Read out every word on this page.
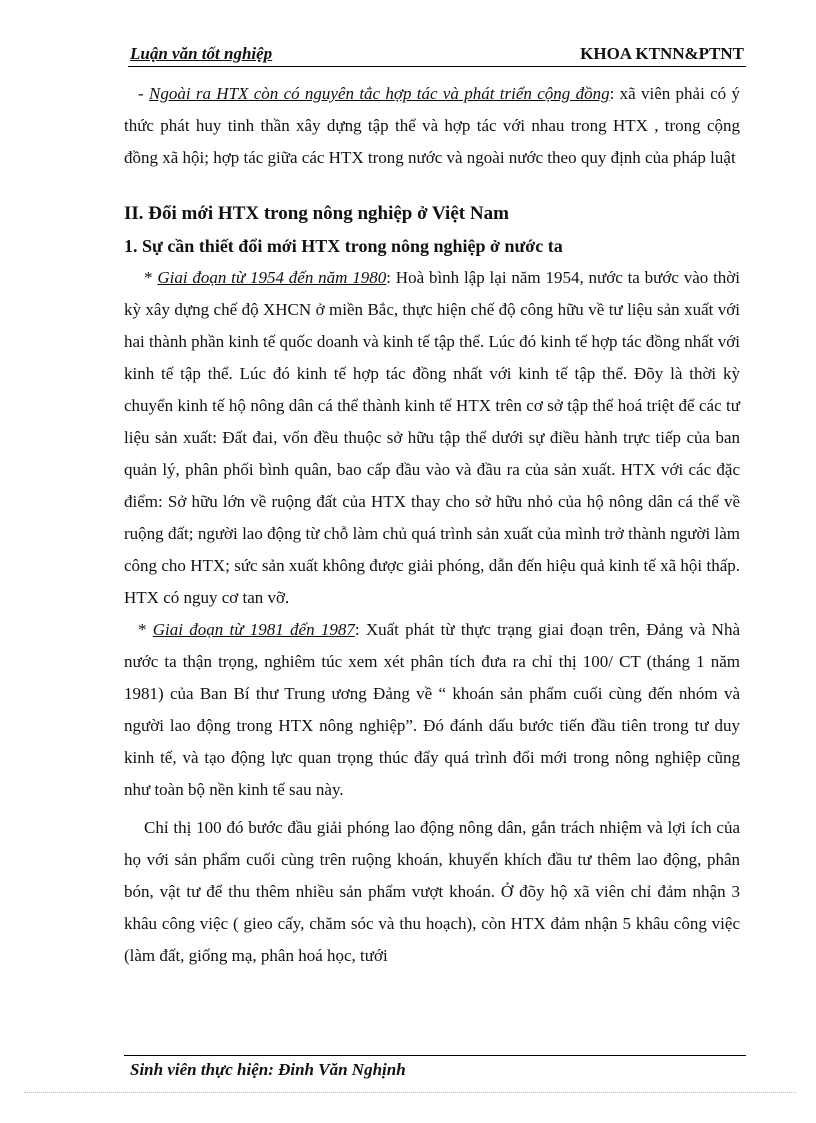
Luận văn tốt nghiệp	KHOA KTNN&PTNT

- Ngoài ra HTX còn có nguyên tắc hợp tác và phát triển cộng đồng: xã viên phải có ý thức phát huy tinh thần xây dựng tập thể và hợp tác với nhau trong HTX , trong cộng đồng xã hội; hợp tác giữa các HTX trong nước và ngoài nước theo quy định của pháp luật

II. Đổi mới HTX trong nông nghiệp ở Việt Nam
1. Sự cần thiết đổi mới HTX trong nông nghiệp ở nước ta

* Giai đoạn từ 1954 đến năm 1980: Hoà bình lập lại năm 1954, nước ta bước vào thời kỳ xây dựng chế độ XHCN ở miền Bắc, thực hiện chế độ công hữu về tư liệu sản xuất với hai thành phần kinh tế quốc doanh và kinh tế tập thể. Lúc đó kinh tế hợp tác đồng nhất với kinh tế tập thể. Lúc đó kinh tế hợp tác đồng nhất với kinh tế tập thể. Đõy là thời kỳ chuyển kinh tế hộ nông dân cá thể thành kinh tế HTX trên cơ sở tập thể hoá triệt để các tư liệu sản xuất: Đất đai, vốn đều thuộc sở hữu tập thể dưới sự điều hành trực tiếp của ban quản lý, phân phối bình quân, bao cấp đầu vào và đầu ra của sản xuất. HTX với các đặc điểm: Sở hữu lớn về ruộng đất của HTX thay cho sở hữu nhỏ của hộ nông dân cá thể về ruộng đất; người lao động từ chỗ làm chủ quá trình sản xuất của mình trở thành người làm công cho HTX; sức sản xuất không được giải phóng, dẫn đến hiệu quả kinh tế xã hội thấp. HTX có nguy cơ tan vỡ.

* Giai đoạn từ 1981 đến 1987: Xuất phát từ thực trạng giai đoạn trên, Đảng và Nhà nước ta thận trọng, nghiêm túc xem xét phân tích đưa ra chỉ thị 100/ CT (tháng 1 năm 1981) của Ban Bí thư Trung ương Đảng về “ khoán sản phẩm cuối cùng đến nhóm và người lao động trong HTX nông nghiệp”. Đó đánh dấu bước tiến đầu tiên trong tư duy kinh tế, và tạo động lực quan trọng thúc đẩy quá trình đổi mới trong nông nghiệp cũng như toàn bộ nền kinh tế sau này.

Chỉ thị 100 đó bước đầu giải phóng lao động nông dân, gắn trách nhiệm và lợi ích của họ với sản phẩm cuối cùng trên ruộng khoán, khuyến khích đầu tư thêm lao động, phân bón, vật tư để thu thêm nhiều sản phẩm vượt khoán. Ở đõy hộ xã viên chỉ đảm nhận 3 khâu công việc ( gieo cấy, chăm sóc và thu hoạch), còn HTX đảm nhận 5 khâu công việc (làm đất, giống mạ, phân hoá học, tưới

Sinh viên thực hiện: Đinh Văn Nghịnh
